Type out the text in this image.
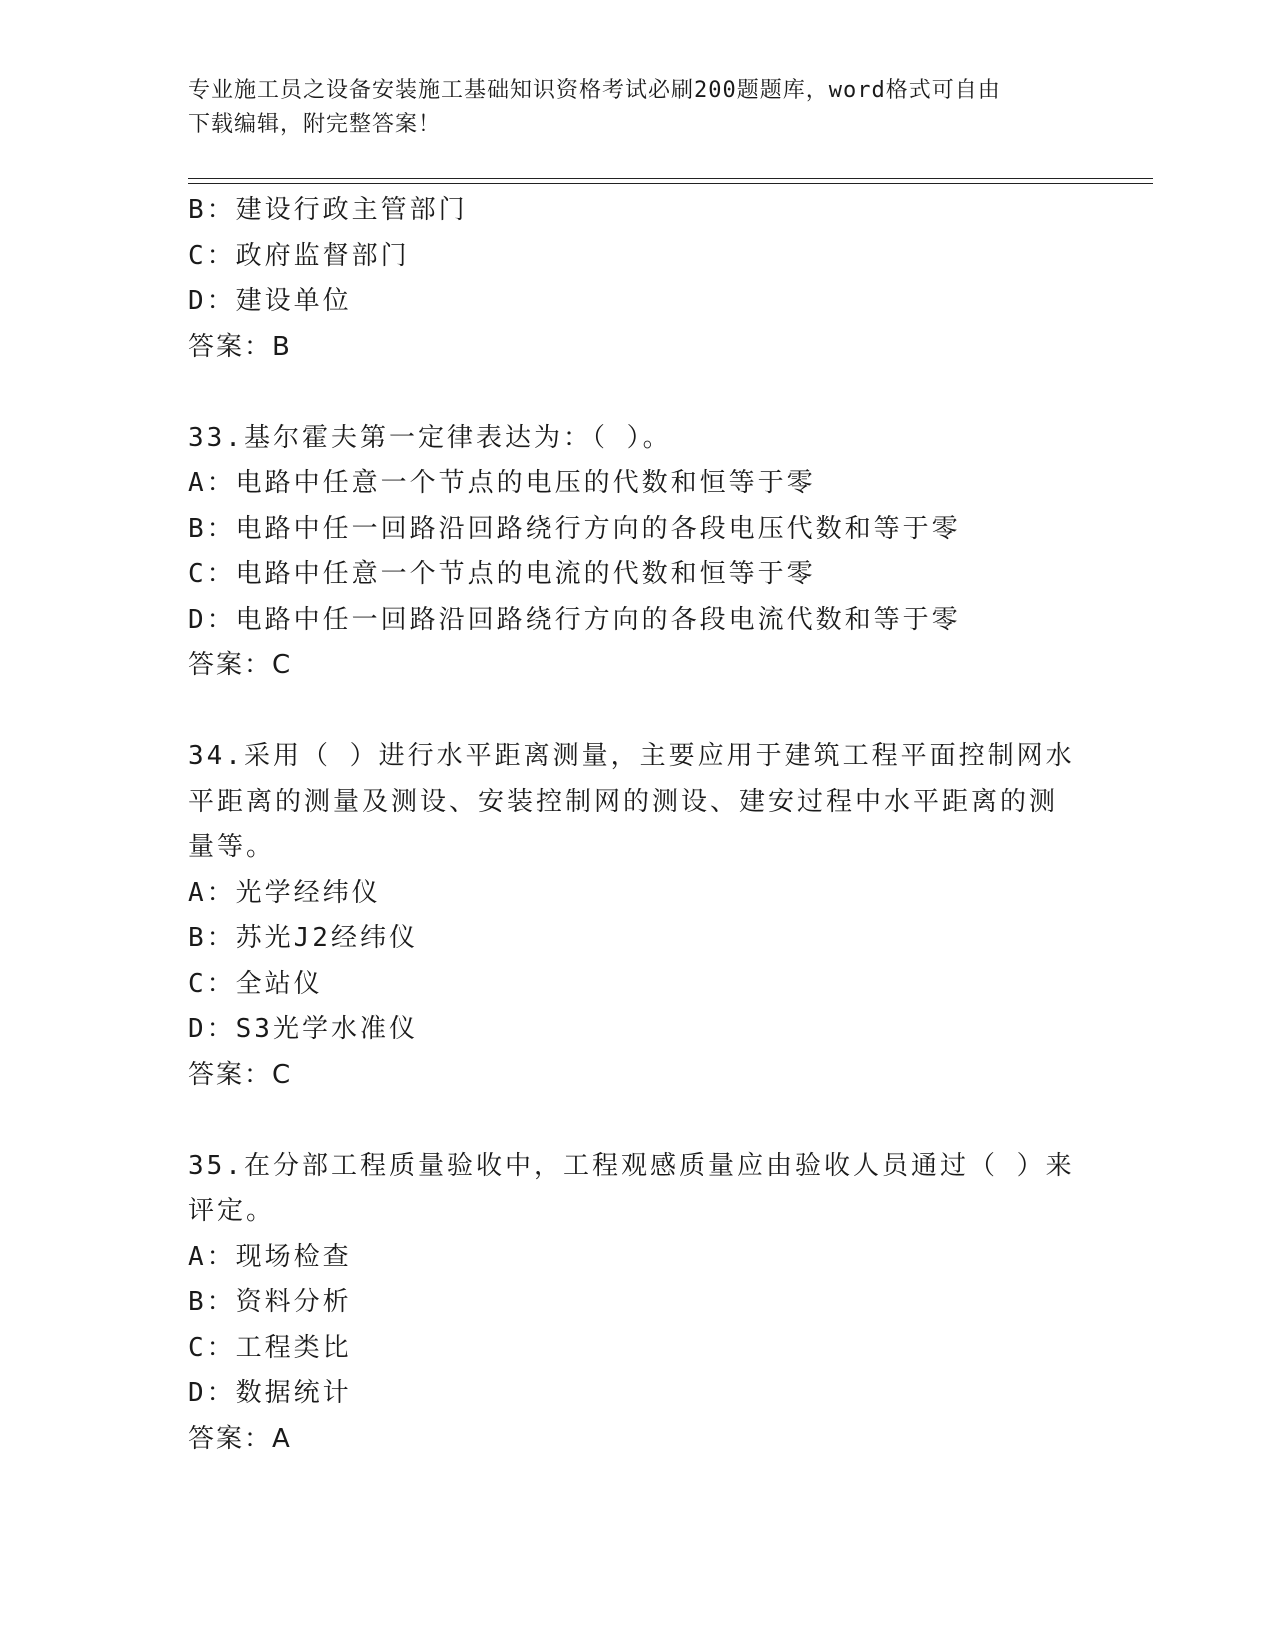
专业施工员之设备安装施工基础知识资格考试必刷200题题库，word格式可自由
下载编辑，附完整答案！
B：建设行政主管部门
C：政府监督部门
D：建设单位
答案：B
33.基尔霍夫第一定律表达为：（ ）。
A：电路中任意一个节点的电压的代数和恒等于零
B：电路中任一回路沿回路绕行方向的各段电压代数和等于零
C：电路中任意一个节点的电流的代数和恒等于零
D：电路中任一回路沿回路绕行方向的各段电流代数和等于零
答案：C
34.采用（ ）进行水平距离测量，主要应用于建筑工程平面控制网水
平距离的测量及测设、安装控制网的测设、建安过程中水平距离的测
量等。
A：光学经纬仪
B：苏光J2经纬仪
C：全站仪
D：S3光学水准仪
答案：C
35.在分部工程质量验收中，工程观感质量应由验收人员通过（ ）来
评定。
A：现场检查
B：资料分析
C：工程类比
D：数据统计
答案：A
